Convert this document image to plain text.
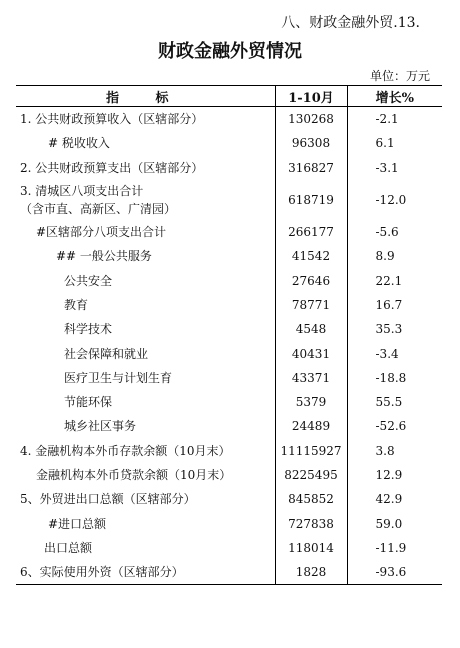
八、财政金融外贸.13.
财政金融外贸情况
单位：万元
指 标	1-10月	增长%

1. 公共财政预算收入（区辖部分）	130268	-2.1

# 税收收入	96308	6.1

2. 公共财政预算支出（区辖部分）	316827	-3.1

3. 清城区八项支出合计
（含市直、高新区、广清园）	618719	-12.0

#区辖部分八项支出合计	266177	-5.6

## 一般公共服务	41542	8.9

公共安全	27646	22.1

教育	78771	16.7

科学技术	4548	35.3

社会保障和就业	40431	-3.4

医疗卫生与计划生育	43371	-18.8

节能环保	5379	55.5

城乡社区事务	24489	-52.6

4. 金融机构本外币存款余额（10月末）	11115927	3.8

金融机构本外币贷款余额（10月末）	8225495	12.9

5、外贸进出口总额（区辖部分）	845852	42.9

#进口总额	727838	59.0

出口总额	118014	-11.9

6、实际使用外资（区辖部分）	1828	-93.6
